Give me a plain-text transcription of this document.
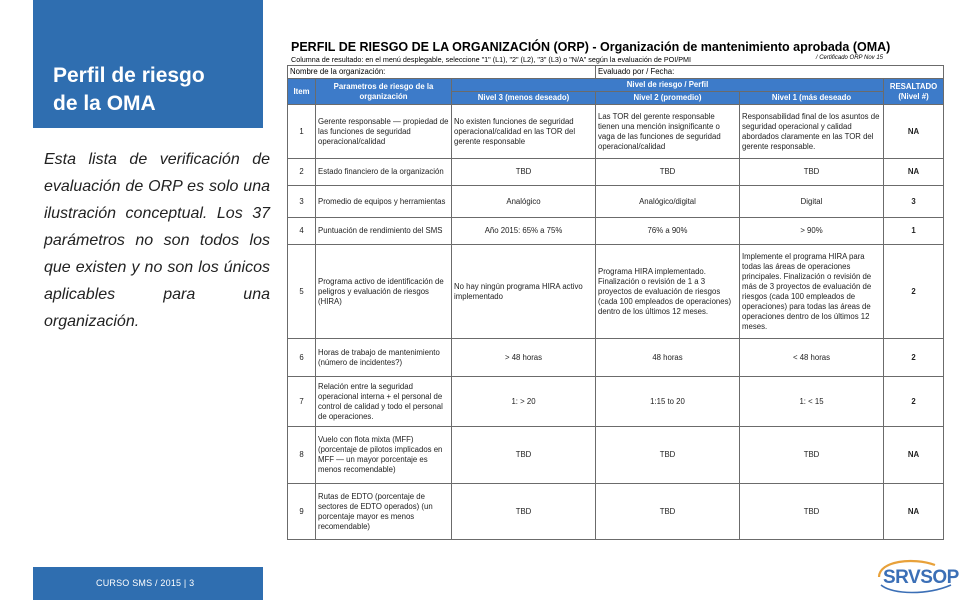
Perfil de riesgo
de la OMA

Esta lista de verificación de evaluación de ORP es solo una ilustración conceptual. Los 37 parámetros no son todos los que existen y no son los únicos aplicables para una organización.

CURSO SMS / 2015 | 3
PERFIL DE RIESGO DE LA ORGANIZACIÓN (ORP) - Organización de mantenimiento aprobada (OMA)
Columna de resultado: en el menú desplegable, seleccione "1" (L1), "2" (L2), "3" (L3) o "N/A" según la evaluación de POI/PMI	/ Certificado ORP Nov 15
Nombre de la organización:			Evaluado por / Fecha:		
Item	Parametros de riesgo de la organización	Nivel de riesgo / Perfil			RESALTADO (Nivel #)
		Nivel 3 (menos deseado)	Nivel 2 (promedio)	Nivel 1 (más deseado	
1	Gerente responsable — propiedad de las funciones de seguridad operacional/calidad	No existen funciones de seguridad operacional/calidad en las TOR del gerente responsable	Las TOR del gerente responsable tienen una mención insignificante o vaga de las funciones de seguridad operacional/calidad	Responsabilidad final de los asuntos de seguridad operacional y calidad abordados claramente en las TOR del gerente responsable.	NA
2	Estado financiero de la organización	TBD	TBD	TBD	NA
3	Promedio de equipos y herramientas	Analógico	Analógico/digital	Digital	3
4	Puntuación de rendimiento del SMS	Año 2015: 65% a 75%	76% a 90%	> 90%	1
5	Programa activo de identificación de peligros y evaluación de riesgos (HIRA)	No hay ningún programa HIRA activo implementado	Programa HIRA implementado. Finalización o revisión de 1 a 3 proyectos de evaluación de riesgos (cada 100 empleados de operaciones) dentro de los últimos 12 meses.	Implemente el programa HIRA para todas las áreas de operaciones principales. Finalización o revisión de más de 3 proyectos de evaluación de riesgos (cada 100 empleados de operaciones) para todas las áreas de operaciones dentro de los últimos 12 meses.	2
6	Horas de trabajo de mantenimiento (número de incidentes?)	> 48 horas	48 horas	< 48 horas	2
7	Relación entre la seguridad operacional interna + el personal de control de calidad y todo el personal de operaciones.	1: > 20	1:15 to 20	1: < 15	2
8	Vuelo con flota mixta (MFF) (porcentaje de pilotos implicados en MFF — un mayor porcentaje es menos recomendable)	TBD	TBD	TBD	NA
9	Rutas de EDTO (porcentaje de sectores de EDTO operados) (un porcentaje mayor es menos recomendable)	TBD	TBD	TBD	NA
SRVSOP
